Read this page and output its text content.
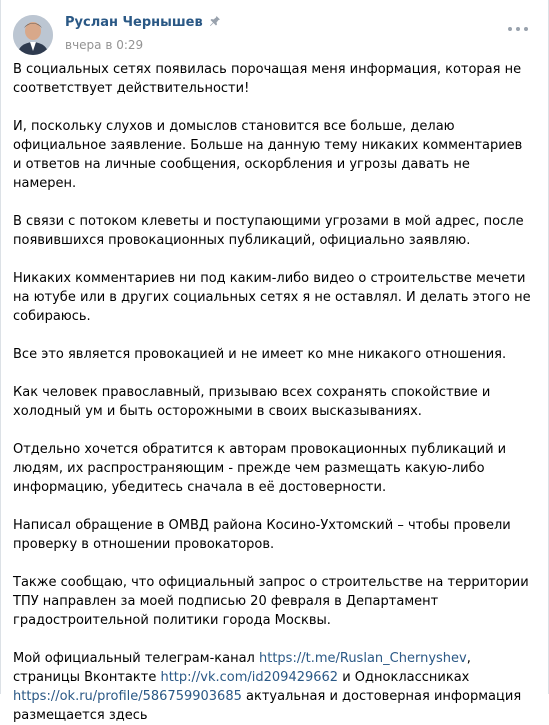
Руслан Чернышев
вчера в 0:29

В социальных сетях появилась порочащая меня информация, которая не соответствует действительности!

И, поскольку слухов и домыслов становится все больше, делаю официальное заявление. Больше на данную тему никаких комментариев и ответов на личные сообщения, оскорбления и угрозы давать не намерен.

В связи с потоком клеветы и поступающими угрозами в мой адрес, после появившихся провокационных публикаций, официально заявляю.

Никаких комментариев ни под каким-либо видео о строительстве мечети на ютубе или в других социальных сетях я не оставлял. И делать этого не собираюсь.

Все это является провокацией и не имеет ко мне никакого отношения.

Как человек православный, призываю всех сохранять спокойствие и холодный ум и быть осторожными в своих высказываниях.

Отдельно хочется обратится к авторам провокационных публикаций и людям, их распространяющим - прежде чем размещать какую-либо информацию, убедитесь сначала в её достоверности.

Написал обращение в ОМВД района Косино-Ухтомский – чтобы провели проверку в отношении провокаторов.

Также сообщаю, что официальный запрос о строительстве на территории ТПУ направлен за моей подписью 20 февраля в Департамент градостроительной политики города Москвы.

Мой официальный телеграм-канал https://t.me/Ruslan_Chernyshev, страницы Вконтакте http://vk.com/id209429662 и Одноклассниках https://ok.ru/profile/586759903685 актуальная и достоверная информация размещается здесь
